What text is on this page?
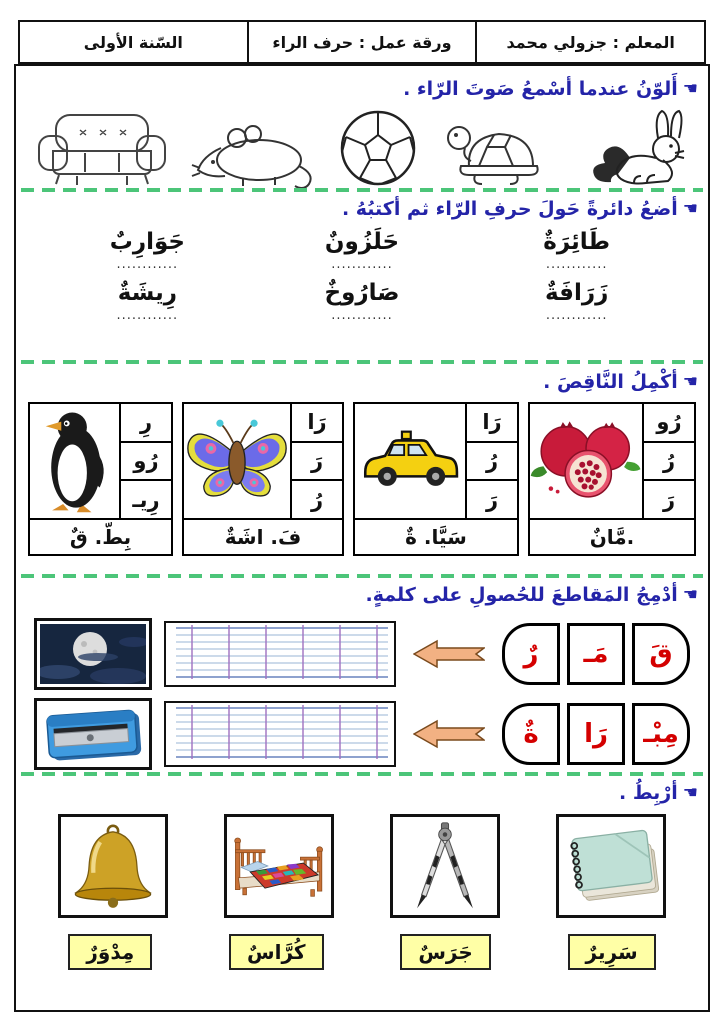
المعلم : جزولي محمد
ورقة عمل : حرف الراء
السّنة الأولى
☚
أَلوّنُ عندما أسْمعُ صَوتَ الرّاء .
☚
أضعُ دائرةً حَولَ حرفِ الرّاء ثم أكتبُهُ .
طَائِرَةٌ
............
حَلَزُونٌ
............
جَوَارِبٌ
............
زَرَافَةٌ
............
صَارُوخٌ
............
رِيشَةٌ
............
☚
أكْمِلُ النَّاقِصَ .
رُو
رُ
رَ
.مَّانٌ
رَا
رُ
رَ
سَيَّا. ةٌ
رَا
رَ
رُ
فَ. اشَةٌ
رِ
رُو
رِيـ
بِطّ. قٌ
☚
أدْمِجُ المَقاطعَ للحُصولِ على كلمةٍ.
قَ
مَـ
رٌ
مِبْـ
رَا
ةٌ
☚
أرْبِطُ .
مِدْوَرٌ	كُرَّاسٌ	جَرَسٌ	سَرِيرٌ
